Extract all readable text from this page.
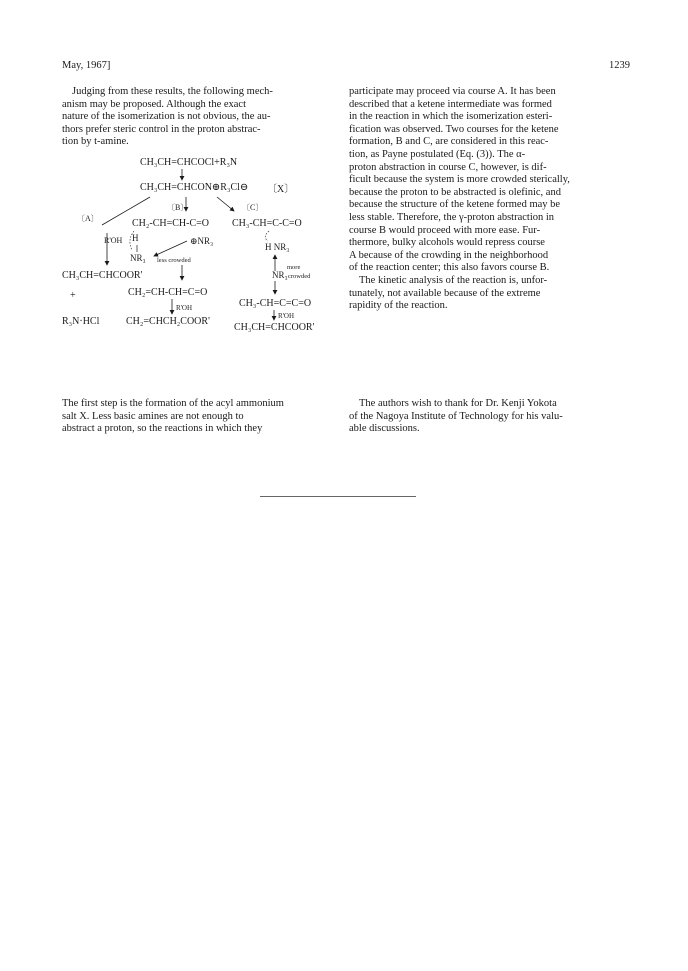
May, 1967]	1239

Judging from these results, the following mech-

anism may be proposed. Although the exact

nature of the isomerization is not obvious, the au-

thors prefer steric control in the proton abstrac-

tion by t-amine.

CH₃CH=CHCOCl+R₃N
CH₃CH=CHCON⊕R₃Cl⊖ 〔X〕
〔B〕	〔C〕
〔A〕	CH₂-CH=CH-C=O CH₃-CH=C-C=O
R'OH H	⊕NR₃
H NR₃
NR₃ less crowded
more
NR₃ crowded
CH₃CH=CHCOOR'
CH₂=CH-CH=C=O
+
CH₃-CH=C=C=O
R'OH
R'OH
R₃N·HCl	CH₂=CHCH₂COOR'
CH₃CH=CHCOOR'

The first step is the formation of the acyl ammonium

salt X. Less basic amines are not enough to

abstract a proton, so the reactions in which they

participate may proceed via course A. It has been

described that a ketene intermediate was formed

in the reaction in which the isomerization esteri-

fication was observed. Two courses for the ketene

formation, B and C, are considered in this reac-

tion, as Payne postulated (Eq. (3)). The α-

proton abstraction in course C, however, is dif-

ficult because the system is more crowded sterically,

because the proton to be abstracted is olefinic, and

because the structure of the ketene formed may be

less stable. Therefore, the γ-proton abstraction in

course B would proceed with more ease. Fur-

thermore, bulky alcohols would repress course

A because of the crowding in the neighborhood

of the reaction center; this also favors course B.

The kinetic analysis of the reaction is, unfor-

tunately, not available because of the extreme

rapidity of the reaction.

The authors wish to thank for Dr. Kenji Yokota

of the Nagoya Institute of Technology for his valu-

able discussions.
